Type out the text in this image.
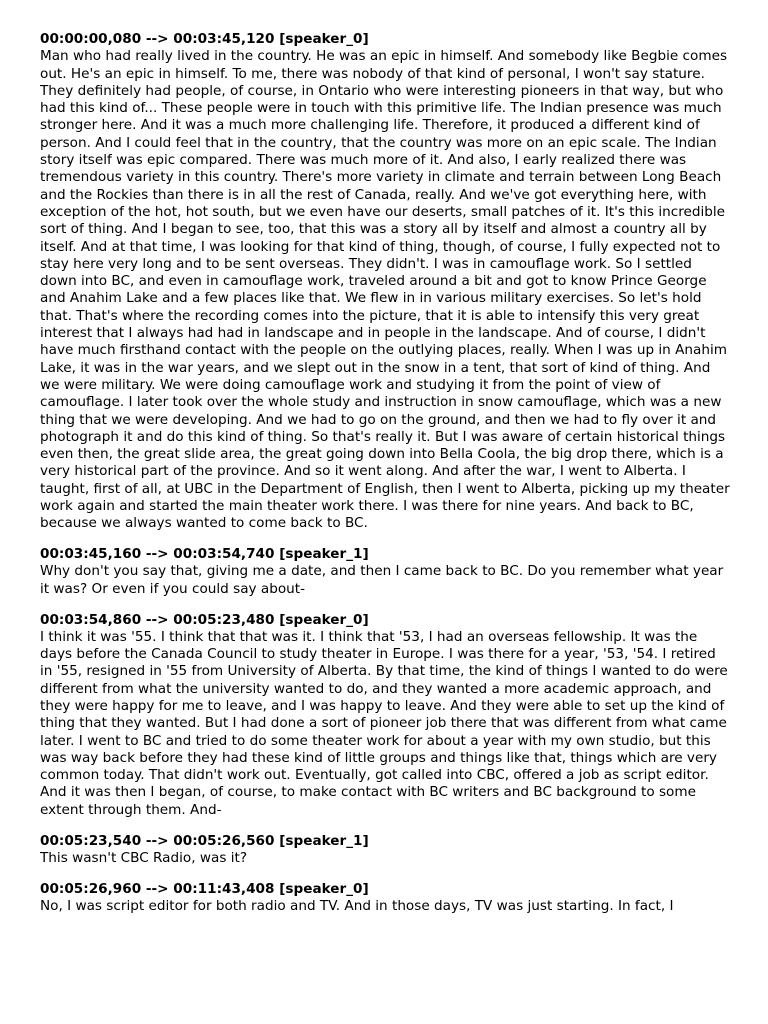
00:00:00,080 --> 00:03:45,120 [speaker_0]

Man who had really lived in the country. He was an epic in himself. And somebody like Begbie comes out. He's an epic in himself. To me, there was nobody of that kind of personal, I won't say stature. They definitely had people, of course, in Ontario who were interesting pioneers in that way, but who had this kind of... These people were in touch with this primitive life. The Indian presence was much stronger here. And it was a much more challenging life. Therefore, it produced a different kind of person. And I could feel that in the country, that the country was more on an epic scale. The Indian story itself was epic compared. There was much more of it. And also, I early realized there was tremendous variety in this country. There's more variety in climate and terrain between Long Beach and the Rockies than there is in all the rest of Canada, really. And we've got everything here, with exception of the hot, hot south, but we even have our deserts, small patches of it. It's this incredible sort of thing. And I began to see, too, that this was a story all by itself and almost a country all by itself. And at that time, I was looking for that kind of thing, though, of course, I fully expected not to stay here very long and to be sent overseas. They didn't. I was in camouflage work. So I settled down into BC, and even in camouflage work, traveled around a bit and got to know Prince George and Anahim Lake and a few places like that. We flew in in various military exercises. So let's hold that. That's where the recording comes into the picture, that it is able to intensify this very great interest that I always had had in landscape and in people in the landscape. And of course, I didn't have much firsthand contact with the people on the outlying places, really. When I was up in Anahim Lake, it was in the war years, and we slept out in the snow in a tent, that sort of kind of thing. And we were military. We were doing camouflage work and studying it from the point of view of camouflage. I later took over the whole study and instruction in snow camouflage, which was a new thing that we were developing. And we had to go on the ground, and then we had to fly over it and photograph it and do this kind of thing. So that's really it. But I was aware of certain historical things even then, the great slide area, the great going down into Bella Coola, the big drop there, which is a very historical part of the province. And so it went along. And after the war, I went to Alberta. I taught, first of all, at UBC in the Department of English, then I went to Alberta, picking up my theater work again and started the main theater work there. I was there for nine years. And back to BC, because we always wanted to come back to BC.

00:03:45,160 --> 00:03:54,740 [speaker_1]

Why don't you say that, giving me a date, and then I came back to BC. Do you remember what year it was? Or even if you could say about-

00:03:54,860 --> 00:05:23,480 [speaker_0]

I think it was '55. I think that that was it. I think that '53, I had an overseas fellowship. It was the days before the Canada Council to study theater in Europe. I was there for a year, '53, '54. I retired in '55, resigned in '55 from University of Alberta. By that time, the kind of things I wanted to do were different from what the university wanted to do, and they wanted a more academic approach, and they were happy for me to leave, and I was happy to leave. And they were able to set up the kind of thing that they wanted. But I had done a sort of pioneer job there that was different from what came later. I went to BC and tried to do some theater work for about a year with my own studio, but this was way back before they had these kind of little groups and things like that, things which are very common today. That didn't work out. Eventually, got called into CBC, offered a job as script editor. And it was then I began, of course, to make contact with BC writers and BC background to some extent through them. And-

00:05:23,540 --> 00:05:26,560 [speaker_1]

This wasn't CBC Radio, was it?

00:05:26,960 --> 00:11:43,408 [speaker_0]

No, I was script editor for both radio and TV. And in those days, TV was just starting. In fact, I
